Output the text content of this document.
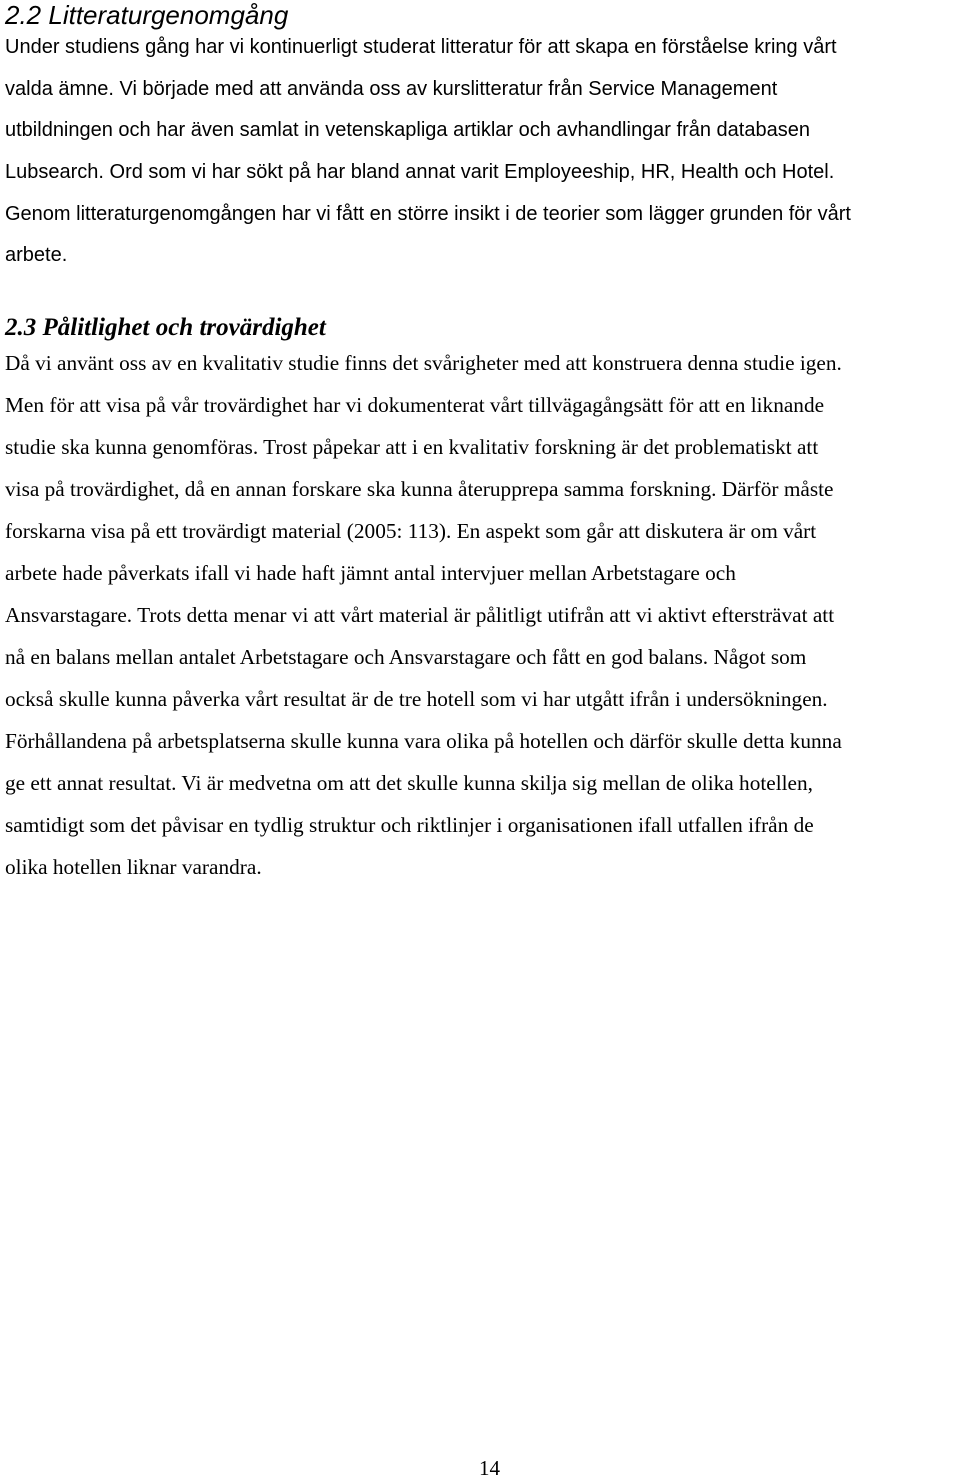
2.2 Litteraturgenomgång

Under studiens gång har vi kontinuerligt studerat litteratur för att skapa en förståelse kring vårt
valda ämne. Vi började med att använda oss av kurslitteratur från Service Management
utbildningen och har även samlat in vetenskapliga artiklar och avhandlingar från databasen
Lubsearch. Ord som vi har sökt på har bland annat varit Employeeship, HR, Health och Hotel.
Genom litteraturgenomgången har vi fått en större insikt i de teorier som lägger grunden för vårt
arbete.

2.3 Pålitlighet och trovärdighet

Då vi använt oss av en kvalitativ studie finns det svårigheter med att konstruera denna studie igen.
Men för att visa på vår trovärdighet har vi dokumenterat vårt tillvägagångsätt för att en liknande
studie ska kunna genomföras. Trost påpekar att i en kvalitativ forskning är det problematiskt att
visa på trovärdighet, då en annan forskare ska kunna återupprepa samma forskning. Därför måste
forskarna visa på ett trovärdigt material (2005: 113). En aspekt som går att diskutera är om vårt
arbete hade påverkats ifall vi hade haft jämnt antal intervjuer mellan Arbetstagare och
Ansvarstagare. Trots detta menar vi att vårt material är pålitligt utifrån att vi aktivt eftersträvat att
nå en balans mellan antalet Arbetstagare och Ansvarstagare och fått en god balans. Något som
också skulle kunna påverka vårt resultat är de tre hotell som vi har utgått ifrån i undersökningen.
Förhållandena på arbetsplatserna skulle kunna vara olika på hotellen och därför skulle detta kunna
ge ett annat resultat. Vi är medvetna om att det skulle kunna skilja sig mellan de olika hotellen,
samtidigt som det påvisar en tydlig struktur och riktlinjer i organisationen ifall utfallen ifrån de
olika hotellen liknar varandra.

14
